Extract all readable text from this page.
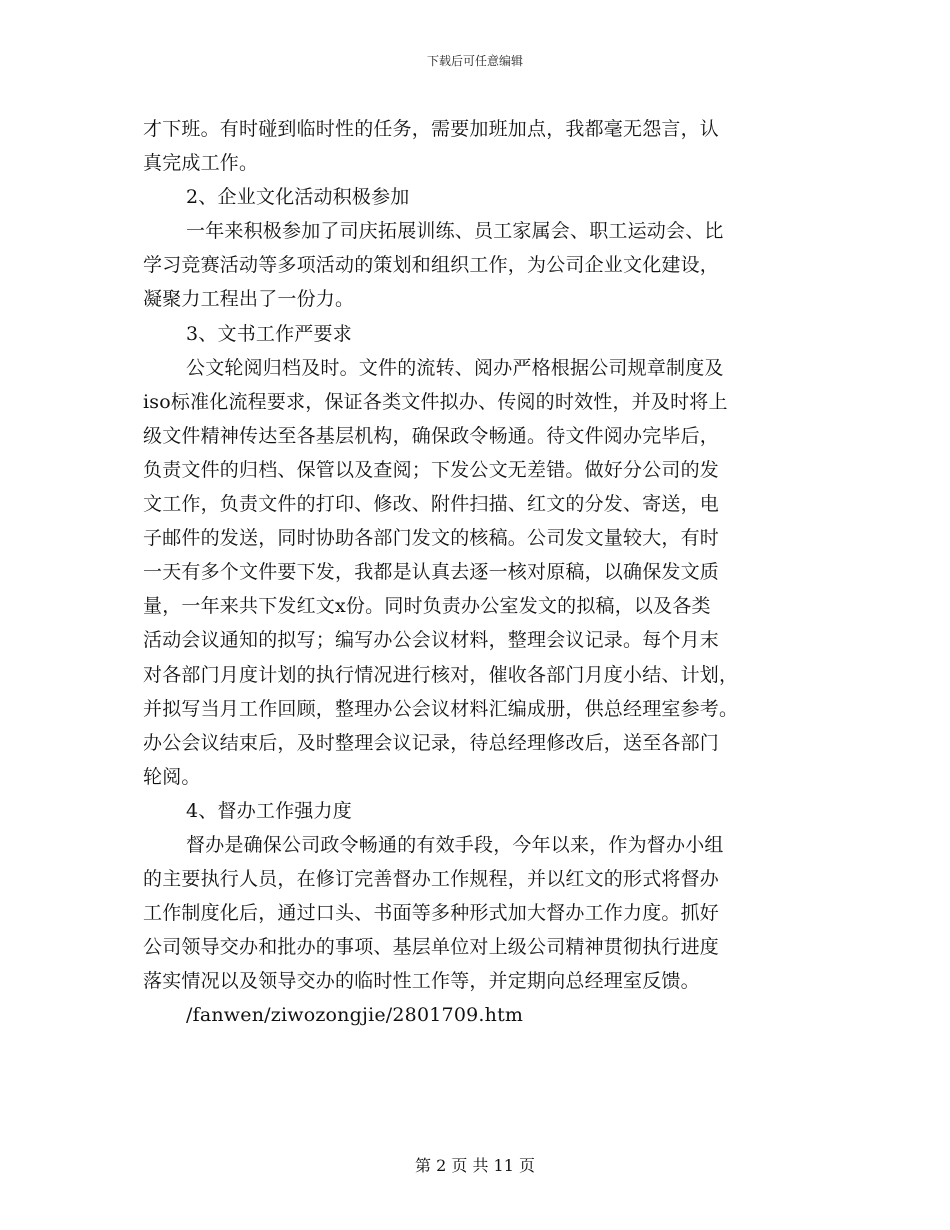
下载后可任意编辑
才下班。有时碰到临时性的任务，需要加班加点，我都毫无怨言，认
真完成工作。
2、企业文化活动积极参加
一年来积极参加了司庆拓展训练、员工家属会、职工运动会、比
学习竞赛活动等多项活动的策划和组织工作，为公司企业文化建设，
凝聚力工程出了一份力。
3、文书工作严要求
公文轮阅归档及时。文件的流转、阅办严格根据公司规章制度及
iso标准化流程要求，保证各类文件拟办、传阅的时效性，并及时将上
级文件精神传达至各基层机构，确保政令畅通。待文件阅办完毕后，
负责文件的归档、保管以及查阅；下发公文无差错。做好分公司的发
文工作，负责文件的打印、修改、附件扫描、红文的分发、寄送，电
子邮件的发送，同时协助各部门发文的核稿。公司发文量较大，有时
一天有多个文件要下发，我都是认真去逐一核对原稿，以确保发文质
量，一年来共下发红文x份。同时负责办公室发文的拟稿，以及各类
活动会议通知的拟写；编写办公会议材料，整理会议记录。每个月末
对各部门月度计划的执行情况进行核对，催收各部门月度小结、计划，
并拟写当月工作回顾，整理办公会议材料汇编成册，供总经理室参考。
办公会议结束后，及时整理会议记录，待总经理修改后，送至各部门
轮阅。
4、督办工作强力度
督办是确保公司政令畅通的有效手段，今年以来，作为督办小组
的主要执行人员，在修订完善督办工作规程，并以红文的形式将督办
工作制度化后，通过口头、书面等多种形式加大督办工作力度。抓好
公司领导交办和批办的事项、基层单位对上级公司精神贯彻执行进度
落实情况以及领导交办的临时性工作等，并定期向总经理室反馈。
/fanwen/ziwozongjie/2801709.htm
第 2 页 共 11 页
